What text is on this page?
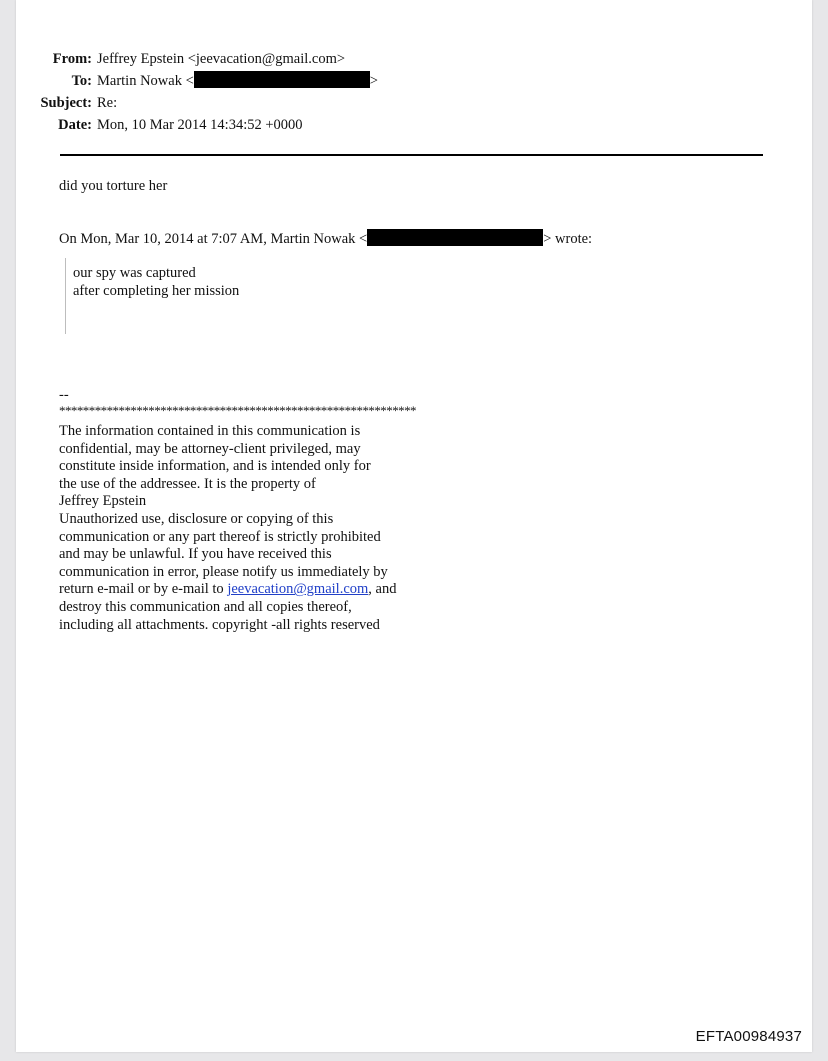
From: Jeffrey Epstein <jeevacation@gmail.com>
To: Martin Nowak <	>
Subject: Re:
Date: Mon, 10 Mar 2014 14:34:52 +0000
did you torture her
On Mon, Mar 10, 2014 at 7:07 AM, Martin Nowak <	> wrote:
our spy was captured
after completing her mission
--
************************************************************
The information contained in this communication is
confidential, may be attorney-client privileged, may
constitute inside information, and is intended only for
the use of the addressee. It is the property of
Jeffrey Epstein
Unauthorized use, disclosure or copying of this
communication or any part thereof is strictly prohibited
and may be unlawful. If you have received this
communication in error, please notify us immediately by
return e-mail or by e-mail to jeevacation@gmail.com, and
destroy this communication and all copies thereof,
including all attachments. copyright -all rights reserved
EFTA00984937
